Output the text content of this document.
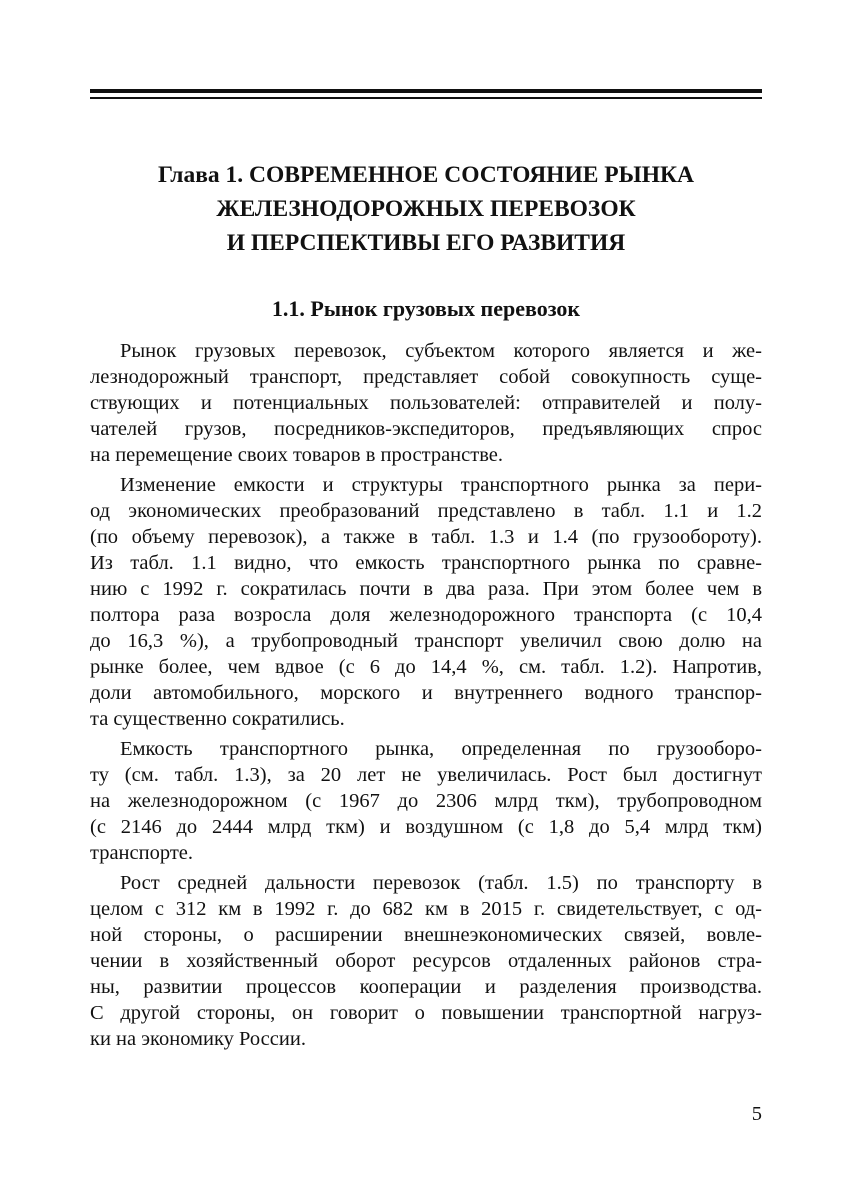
Глава 1. СОВРЕМЕННОЕ СОСТОЯНИЕ РЫНКА
ЖЕЛЕЗНОДОРОЖНЫХ ПЕРЕВОЗОК
И ПЕРСПЕКТИВЫ ЕГО РАЗВИТИЯ
1.1. Рынок грузовых перевозок

Рынок грузовых перевозок, субъектом которого является и же-
лезнодорожный транспорт, представляет собой совокупность суще-
ствующих и потенциальных пользователей: отправителей и полу-
чателей грузов, посредников-экспедиторов, предъявляющих спрос
на перемещение своих товаров в пространстве.

Изменение емкости и структуры транспортного рынка за пери-
од экономических преобразований представлено в табл. 1.1 и 1.2
(по объему перевозок), а также в табл. 1.3 и 1.4 (по грузообороту).
Из табл. 1.1 видно, что емкость транспортного рынка по сравне-
нию с 1992 г. сократилась почти в два раза. При этом более чем в
полтора раза возросла доля железнодорожного транспорта (с 10,4
до 16,3 %), а трубопроводный транспорт увеличил свою долю на
рынке более, чем вдвое (с 6 до 14,4 %, см. табл. 1.2). Напротив,
доли автомобильного, морского и внутреннего водного транспор-
та существенно сократились.

Емкость транспортного рынка, определенная по грузооборо-
ту (см. табл. 1.3), за 20 лет не увеличилась. Рост был достигнут
на железнодорожном (с 1967 до 2306 млрд ткм), трубопроводном
(с 2146 до 2444 млрд ткм) и воздушном (с 1,8 до 5,4 млрд ткм)
транспорте.

Рост средней дальности перевозок (табл. 1.5) по транспорту в
целом с 312 км в 1992 г. до 682 км в 2015 г. свидетельствует, с од-
ной стороны, о расширении внешнеэкономических связей, вовле-
чении в хозяйственный оборот ресурсов отдаленных районов стра-
ны, развитии процессов кооперации и разделения производства.
С другой стороны, он говорит о повышении транспортной нагруз-
ки на экономику России.

5
